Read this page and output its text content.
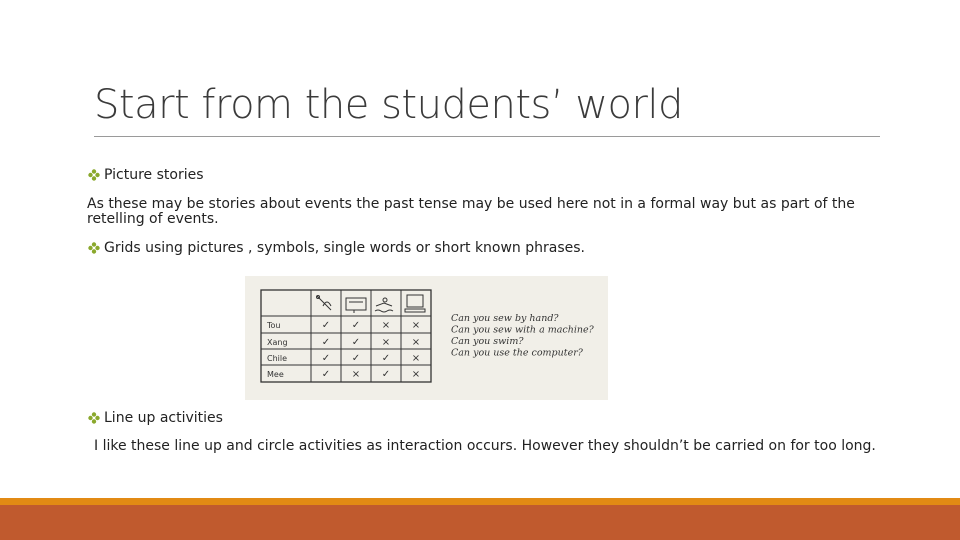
Start from the students’ world
Picture stories
As these may be stories about events the past tense may be used here not in a formal way but as part of the
retelling of events.
Grids using pictures , symbols, single words or short known phrases.
Tou
Xang
Chile
Mee
✓ ✓ × ×
✓ ✓ × ×
✓ ✓ ✓ ×
✓ × ✓ ×
Can you sew by hand?
Can you sew with a machine?
Can you swim?
Can you use the computer?
Line up activities
I like these line up and circle activities as interaction occurs. However they shouldn’t be carried on for too long.
